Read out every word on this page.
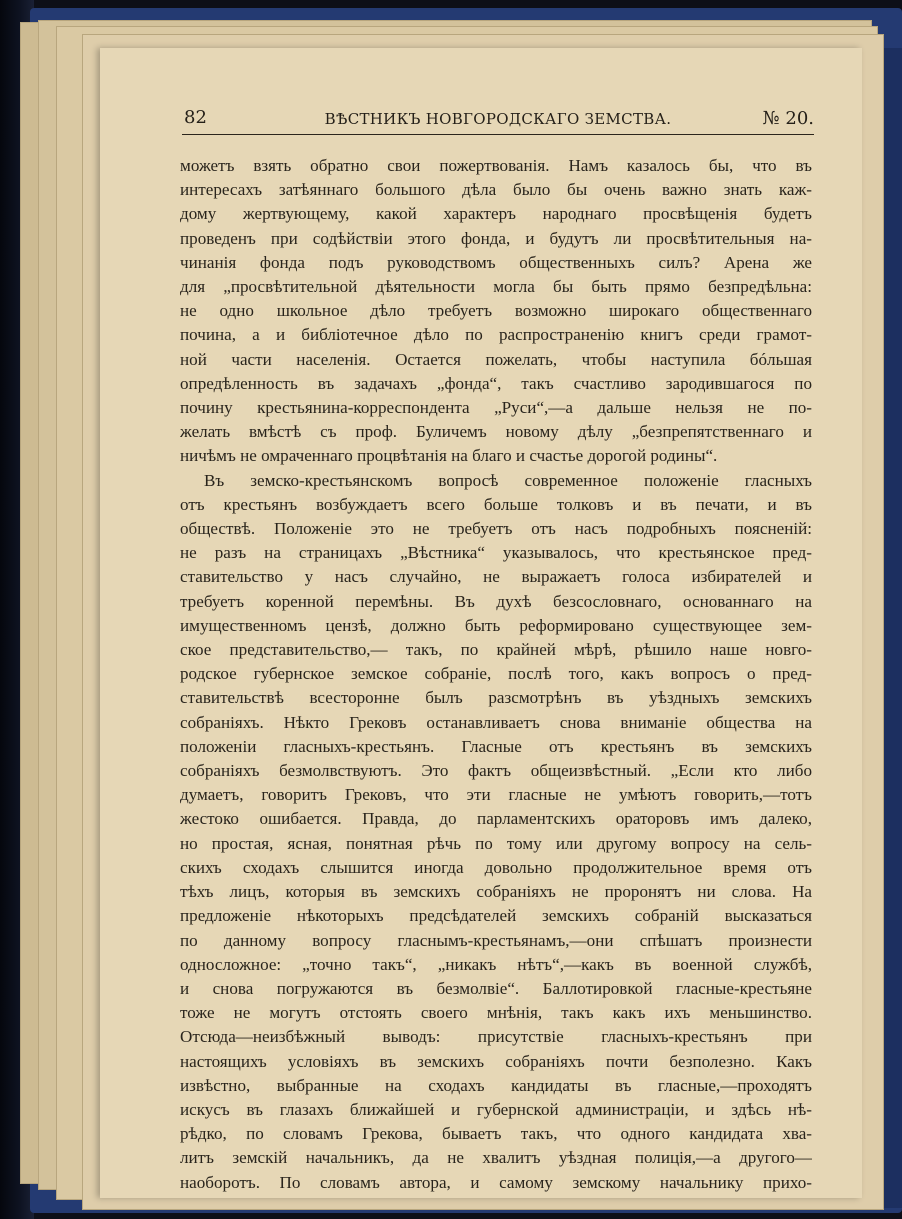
82	ВѢСТНИКЪ НОВГОРОДСКАГО ЗЕМСТВА.	№ 20.
можетъ взять обратно свои пожертвованія. Намъ казалось бы, что въ
интересахъ затѣяннаго большого дѣла было бы очень важно знать каж-
дому жертвующему, какой характеръ народнаго просвѣщенія будетъ
проведенъ при содѣйствіи этого фонда, и будутъ ли просвѣтительныя на-
чинанія фонда подъ руководствомъ общественныхъ силъ? Арена же
для „просвѣтительной дѣятельности могла бы быть прямо безпредѣльна:
не одно школьное дѣло требуетъ возможно широкаго общественнаго
почина, а и библіотечное дѣло по распространенію книгъ среди грамот-
ной части населенія. Остается пожелать, чтобы наступила бóльшая
опредѣленность въ задачахъ „фонда“, такъ счастливо зародившагося по
почину крестьянина-корреспондента „Руси“,—а дальше нельзя не по-
желать вмѣстѣ съ проф. Буличемъ новому дѣлу „безпрепятственнаго и
ничѣмъ не омраченнаго процвѣтанія на благо и счастье дорогой родины“.
Въ земско-крестьянскомъ вопросѣ современное положеніе гласныхъ
отъ крестьянъ возбуждаетъ всего больше толковъ и въ печати, и въ
обществѣ. Положеніе это не требуетъ отъ насъ подробныхъ поясненій:
не разъ на страницахъ „Вѣстника“ указывалось, что крестьянское пред-
ставительство у насъ случайно, не выражаетъ голоса избирателей и
требуетъ коренной перемѣны. Въ духѣ безсословнаго, основаннаго на
имущественномъ цензѣ, должно быть реформировано существующее зем-
ское представительство,— такъ, по крайней мѣрѣ, рѣшило наше новго-
родское губернское земское собраніе, послѣ того, какъ вопросъ о пред-
ставительствѣ всесторонне былъ разсмотрѣнъ въ уѣздныхъ земскихъ
собраніяхъ. Нѣкто Грековъ останавливаетъ снова вниманіе общества на
положеніи гласныхъ-крестьянъ. Гласные отъ крестьянъ въ земскихъ
собраніяхъ безмолвствуютъ. Это фактъ общеизвѣстный. „Если кто либо
думаетъ, говоритъ Грековъ, что эти гласные не умѣютъ говорить,—тотъ
жестоко ошибается. Правда, до парламентскихъ ораторовъ имъ далеко,
но простая, ясная, понятная рѣчь по тому или другому вопросу на сель-
скихъ сходахъ слышится иногда довольно продолжительное время отъ
тѣхъ лицъ, которыя въ земскихъ собраніяхъ не проронятъ ни слова. На
предложеніе нѣкоторыхъ предсѣдателей земскихъ собраній высказаться
по данному вопросу гласнымъ-крестьянамъ,—они спѣшатъ произнести
односложное: „точно такъ“, „никакъ нѣтъ“,—какъ въ военной службѣ,
и снова погружаются въ безмолвіе“. Баллотировкой гласные-крестьяне
тоже не могутъ отстоять своего мнѣнія, такъ какъ ихъ меньшинство.
Отсюда—неизбѣжный выводъ: присутствіе гласныхъ-крестьянъ при
настоящихъ условіяхъ въ земскихъ собраніяхъ почти безполезно. Какъ
извѣстно, выбранные на сходахъ кандидаты въ гласные,—проходятъ
искусъ въ глазахъ ближайшей и губернской администраціи, и здѣсь нѣ-
рѣдко, по словамъ Грекова, бываетъ такъ, что одного кандидата хва-
литъ земскій начальникъ, да не хвалитъ уѣздная полиція,—а другого—
наоборотъ. По словамъ автора, и самому земскому начальнику прихо-
